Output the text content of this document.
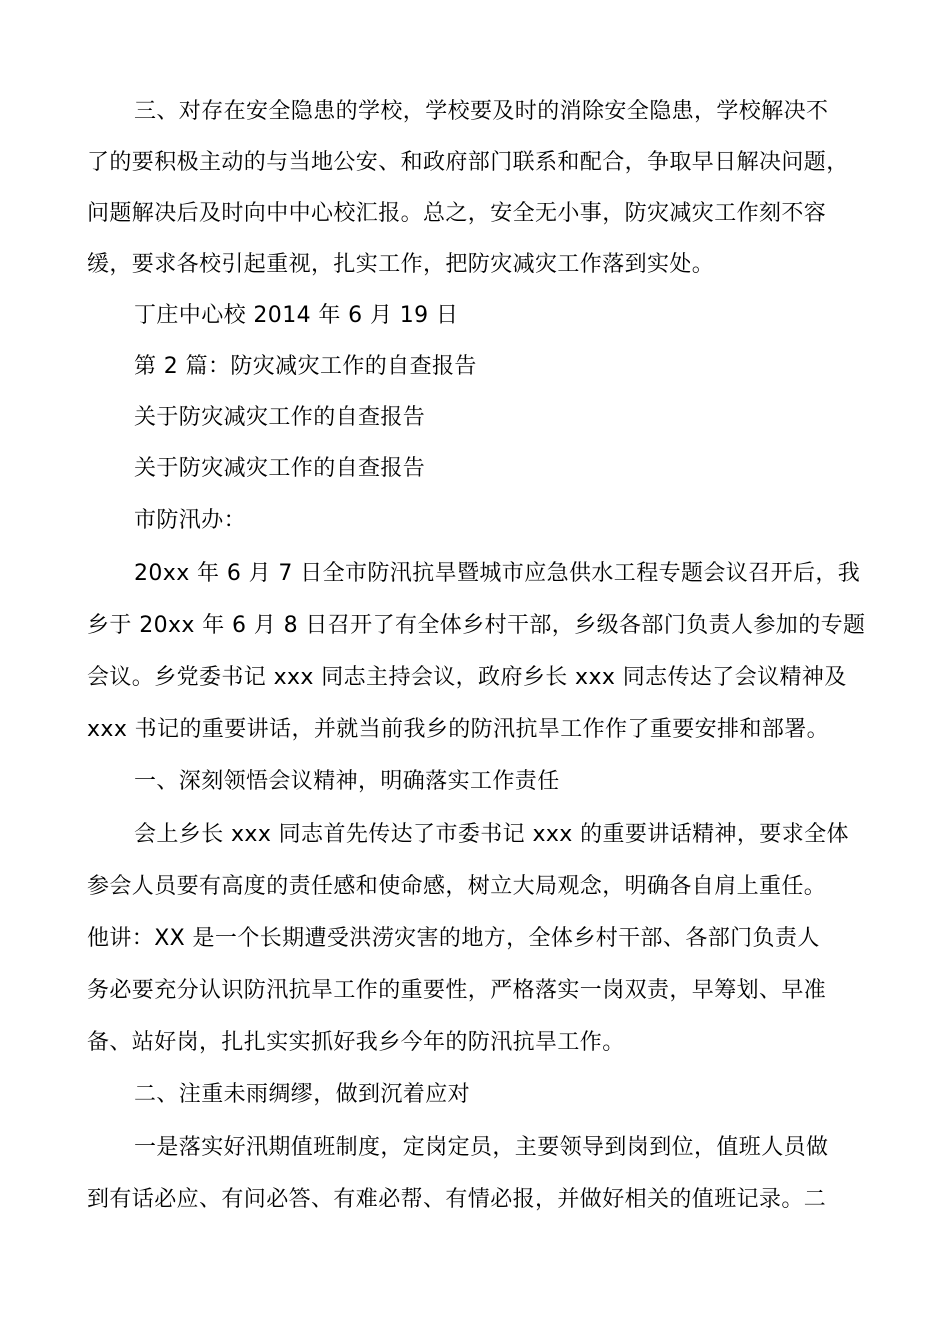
三、对存在安全隐患的学校，学校要及时的消除安全隐患，学校解决不
了的要积极主动的与当地公安、和政府部门联系和配合，争取早日解决问题，
问题解决后及时向中中心校汇报。总之，安全无小事，防灾减灾工作刻不容
缓，要求各校引起重视，扎实工作，把防灾减灾工作落到实处。
丁庄中心校 2014 年 6 月 19 日
第 2 篇：防灾减灾工作的自查报告
关于防灾减灾工作的自查报告
关于防灾减灾工作的自查报告
市防汛办：
20xx 年 6 月 7 日全市防汛抗旱暨城市应急供水工程专题会议召开后，我
乡于 20xx 年 6 月 8 日召开了有全体乡村干部，乡级各部门负责人参加的专题
会议。乡党委书记 xxx 同志主持会议，政府乡长 xxx 同志传达了会议精神及
xxx 书记的重要讲话，并就当前我乡的防汛抗旱工作作了重要安排和部署。
一、深刻领悟会议精神，明确落实工作责任
会上乡长 xxx 同志首先传达了市委书记 xxx 的重要讲话精神，要求全体
参会人员要有高度的责任感和使命感，树立大局观念，明确各自肩上重任。
他讲：XX 是一个长期遭受洪涝灾害的地方，全体乡村干部、各部门负责人
务必要充分认识防汛抗旱工作的重要性，严格落实一岗双责，早筹划、早准
备、站好岗，扎扎实实抓好我乡今年的防汛抗旱工作。
二、注重未雨绸缪，做到沉着应对
一是落实好汛期值班制度，定岗定员，主要领导到岗到位，值班人员做
到有话必应、有问必答、有难必帮、有情必报，并做好相关的值班记录。二
